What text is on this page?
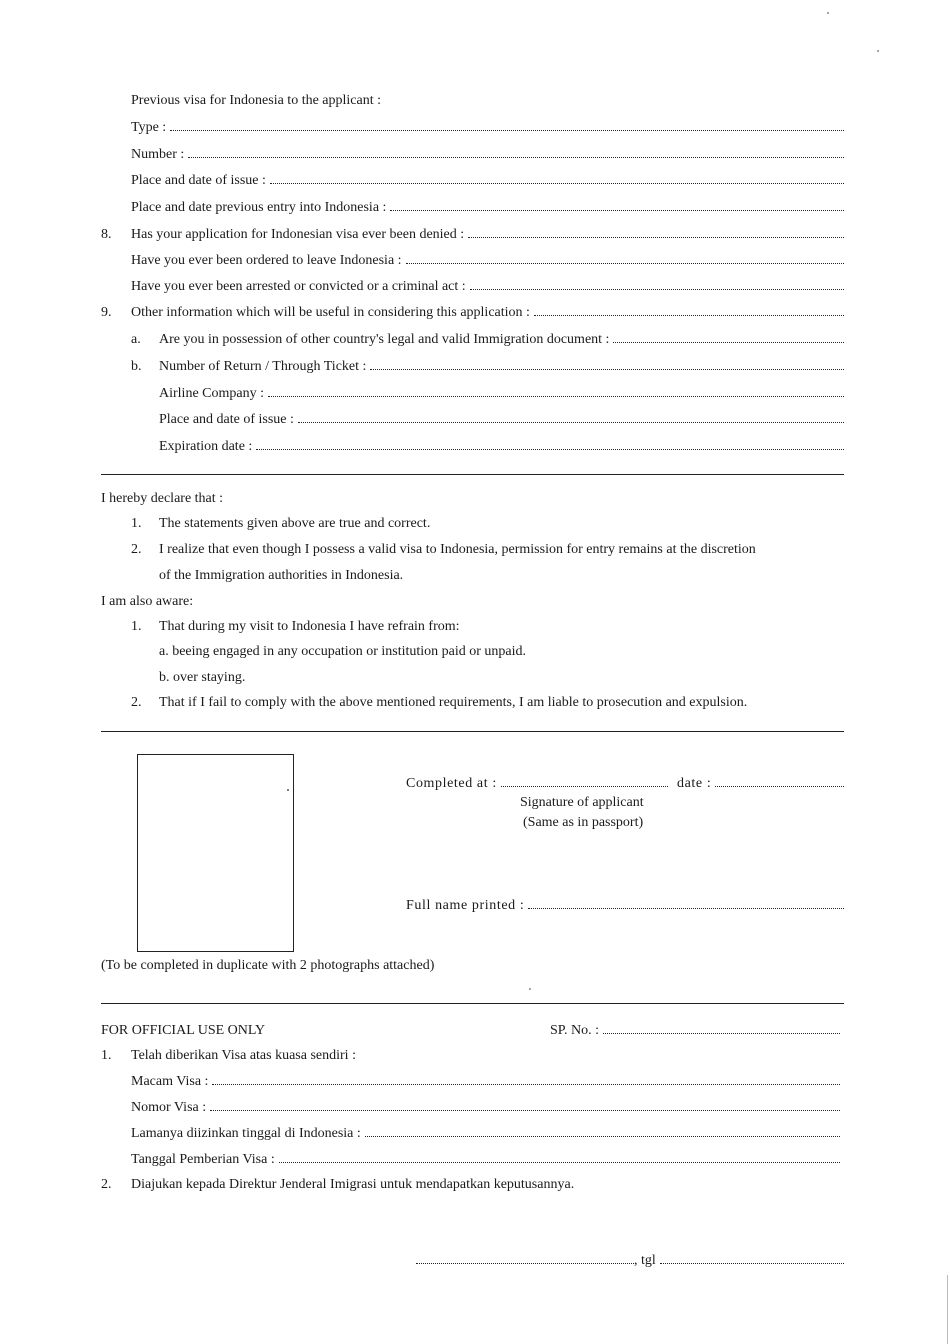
Previous visa for Indonesia to the applicant :
Type :
Number :
Place and date of issue :
Place and date previous entry into Indonesia :
8. Has your application for Indonesian visa ever been denied :
Have you ever been ordered to leave Indonesia :
Have you ever been arrested or convicted or a criminal act :
9. Other information which will be useful in considering this application :
a. Are you in possession of other country's legal and valid Immigration document :
b. Number of Return / Through Ticket :
Airline Company :
Place and date of issue :
Expiration date :
I hereby declare that :
1. The statements given above are true and correct.
2. I realize that even though I possess a valid visa to Indonesia, permission for entry remains at the discretion
of the Immigration authorities in Indonesia.
I am also aware:
1. That during my visit to Indonesia I have refrain from:
a. beeing engaged in any occupation or institution paid or unpaid.
b. over staying.
2. That if I fail to comply with the above mentioned requirements, I am liable to prosecution and expulsion.
Completed at :	date :
Signature of applicant
(Same as in passport)
Full name printed :
(To be completed in duplicate with 2 photographs attached)
FOR OFFICIAL USE ONLY	SP. No. :
1. Telah diberikan Visa atas kuasa sendiri :
Macam Visa :
Nomor Visa :
Lamanya diizinkan tinggal di Indonesia :
Tanggal Pemberian Visa :
2. Diajukan kepada Direktur Jenderal Imigrasi untuk mendapatkan keputusannya.
, tgl
